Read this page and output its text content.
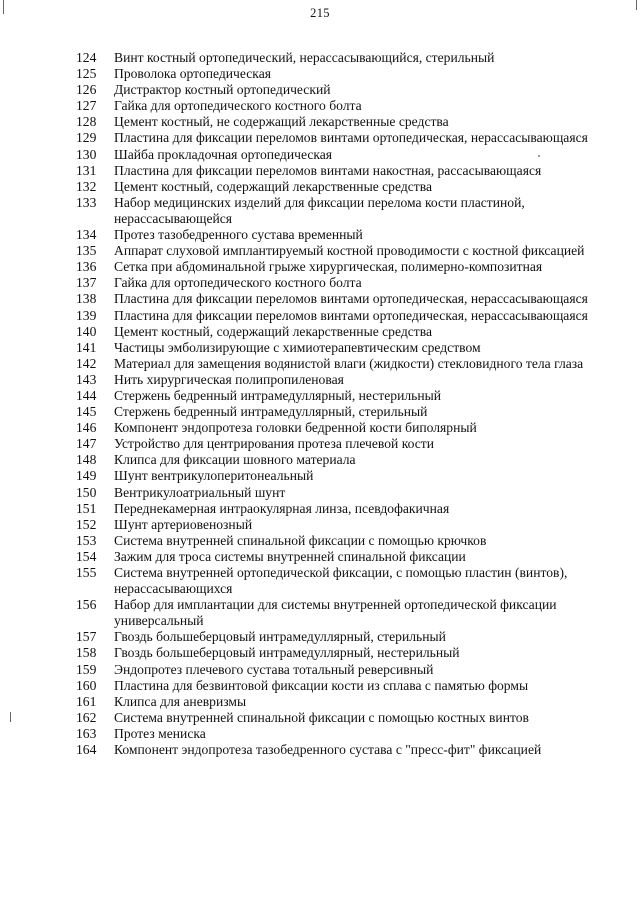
215
124	Винт костный ортопедический, нерассасывающийся, стерильный
125	Проволока ортопедическая
126	Дистрактор костный ортопедический
127	Гайка для ортопедического костного болта
128	Цемент костный, не содержащий лекарственные средства
129	Пластина для фиксации переломов винтами ортопедическая, нерассасывающаяся
130	Шайба прокладочная ортопедическая
131	Пластина для фиксации переломов винтами накостная, рассасывающаяся
132	Цемент костный, содержащий лекарственные средства
133	Набор медицинских изделий для фиксации перелома кости пластиной, нерассасывающейся
134	Протез тазобедренного сустава временный
135	Аппарат слуховой имплантируемый костной проводимости с костной фиксацией
136	Сетка при абдоминальной грыже хирургическая, полимерно-композитная
137	Гайка для ортопедического костного болта
138	Пластина для фиксации переломов винтами ортопедическая, нерассасывающаяся
139	Пластина для фиксации переломов винтами ортопедическая, нерассасывающаяся
140	Цемент костный, содержащий лекарственные средства
141	Частицы эмболизирующие с химиотерапевтическим средством
142	Материал для замещения водянистой влаги (жидкости) стекловидного тела глаза
143	Нить хирургическая полипропиленовая
144	Стержень бедренный интрамедуллярный, нестерильный
145	Стержень бедренный интрамедуллярный, стерильный
146	Компонент эндопротеза головки бедренной кости биполярный
147	Устройство для центрирования протеза плечевой кости
148	Клипса для фиксации шовного материала
149	Шунт вентрикулоперитонеальный
150	Вентрикулоатриальный шунт
151	Переднекамерная интраокулярная линза, псевдофакичная
152	Шунт артериовенозный
153	Система внутренней спинальной фиксации с помощью крючков
154	Зажим для троса системы внутренней спинальной фиксации
155	Система внутренней ортопедической фиксации, с помощью пластин (винтов), нерассасывающихся
156	Набор для имплантации для системы внутренней ортопедической фиксации универсальный
157	Гвоздь большеберцовый интрамедуллярный, стерильный
158	Гвоздь большеберцовый интрамедуллярный, нестерильный
159	Эндопротез плечевого сустава тотальный реверсивный
160	Пластина для безвинтовой фиксации кости из сплава с памятью формы
161	Клипса для аневризмы
162	Система внутренней спинальной фиксации с помощью костных винтов
163	Протез мениска
164	Компонент эндопротеза тазобедренного сустава с "пресс-фит" фиксацией
